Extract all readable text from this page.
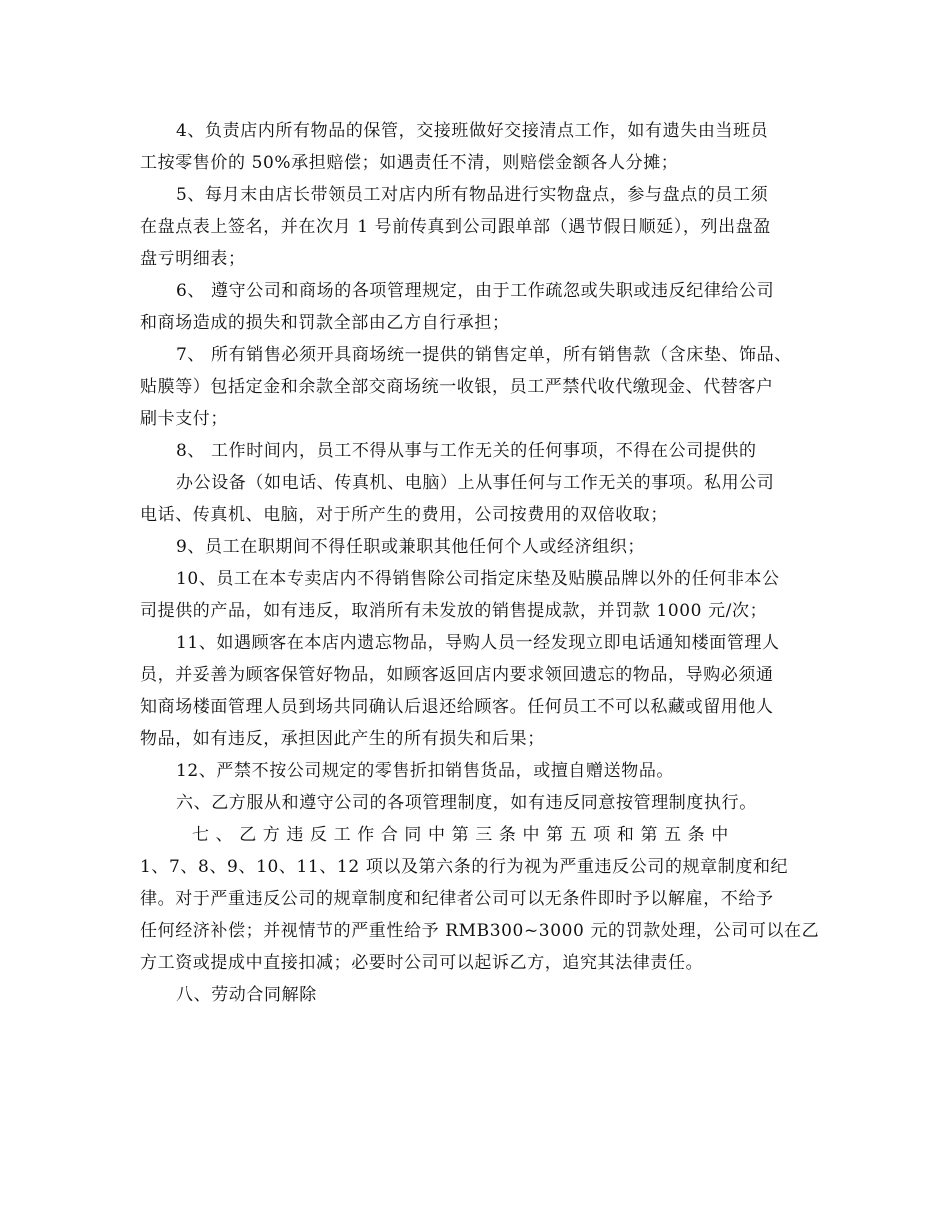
4、负责店内所有物品的保管，交接班做好交接清点工作，如有遗失由当班员
工按零售价的 50%承担赔偿；如遇责任不清，则赔偿金额各人分摊；
5、每月末由店长带领员工对店内所有物品进行实物盘点，参与盘点的员工须
在盘点表上签名，并在次月 1 号前传真到公司跟单部（遇节假日顺延），列出盘盈
盘亏明细表；
6、 遵守公司和商场的各项管理规定，由于工作疏忽或失职或违反纪律给公司
和商场造成的损失和罚款全部由乙方自行承担；
7、 所有销售必须开具商场统一提供的销售定单，所有销售款（含床垫、饰品、
贴膜等）包括定金和余款全部交商场统一收银，员工严禁代收代缴现金、代替客户
刷卡支付；
8、 工作时间内，员工不得从事与工作无关的任何事项，不得在公司提供的
办公设备（如电话、传真机、电脑）上从事任何与工作无关的事项。私用公司
电话、传真机、电脑，对于所产生的费用，公司按费用的双倍收取；
9、员工在职期间不得任职或兼职其他任何个人或经济组织；
10、员工在本专卖店内不得销售除公司指定床垫及贴膜品牌以外的任何非本公
司提供的产品，如有违反，取消所有未发放的销售提成款，并罚款 1000 元/次；
11、如遇顾客在本店内遗忘物品，导购人员一经发现立即电话通知楼面管理人
员，并妥善为顾客保管好物品，如顾客返回店内要求领回遗忘的物品，导购必须通
知商场楼面管理人员到场共同确认后退还给顾客。任何员工不可以私藏或留用他人
物品，如有违反，承担因此产生的所有损失和后果；
12、严禁不按公司规定的零售折扣销售货品，或擅自赠送物品。
六、乙方服从和遵守公司的各项管理制度，如有违反同意按管理制度执行。
七 、 乙 方 违 反 工 作 合 同 中 第 三 条 中 第 五 项 和 第 五 条 中
1、7、8、9、10、11、12 项以及第六条的行为视为严重违反公司的规章制度和纪
律。对于严重违反公司的规章制度和纪律者公司可以无条件即时予以解雇，不给予
任何经济补偿；并视情节的严重性给予 RMB300~3000 元的罚款处理，公司可以在乙
方工资或提成中直接扣减；必要时公司可以起诉乙方，追究其法律责任。
八、劳动合同解除
